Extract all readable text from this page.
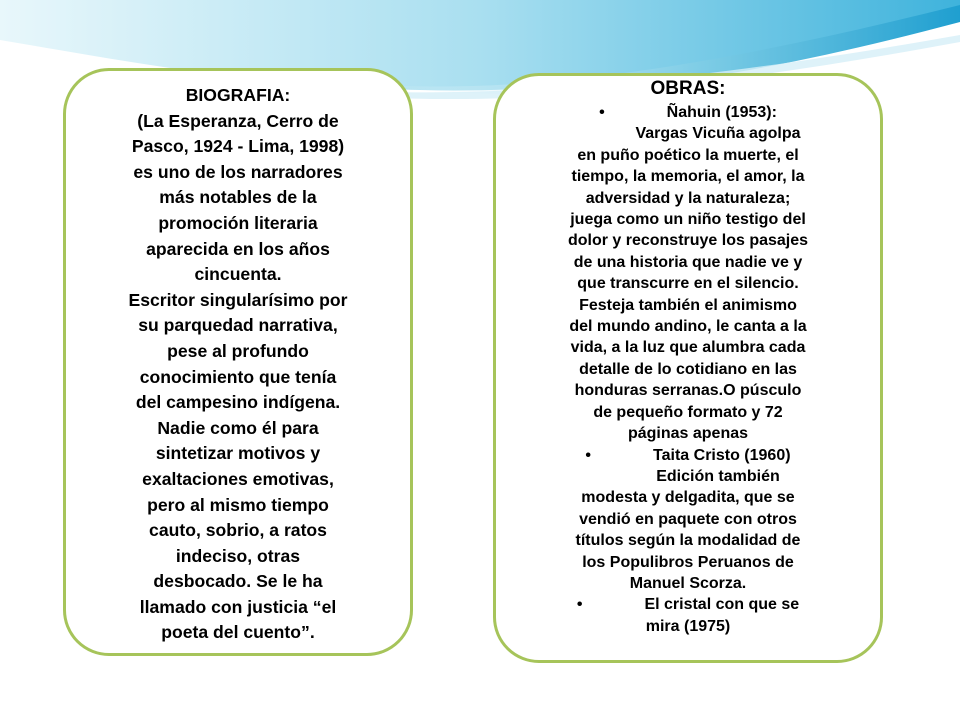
BIOGRAFIA:

(La Esperanza, Cerro de

Pasco, 1924 - Lima, 1998)

es uno de los narradores

más notables de la

promoción literaria

aparecida en los años

cincuenta.

Escritor singularísimo por

su parquedad narrativa,

pese al profundo

conocimiento que tenía

del campesino indígena.

Nadie como él para

sintetizar motivos y

exaltaciones emotivas,

pero al mismo tiempo

cauto, sobrio, a ratos

indeciso, otras

desbocado. Se le ha

llamado con justicia “el

poeta del cuento”.

OBRAS:

•	Ñahuin (1953):

Vargas Vicuña agolpa

en puño poético la muerte, el

tiempo, la memoria, el amor, la

adversidad y la naturaleza;

juega como un niño testigo del

dolor y reconstruye los pasajes

de una historia que nadie ve y

que transcurre en el silencio.

Festeja también el animismo

del mundo andino, le canta a la

vida, a la luz que alumbra cada

detalle de lo cotidiano en las

honduras serranas.O púsculo

de pequeño formato y 72

páginas apenas

•	Taita Cristo (1960)

Edición también

modesta y delgadita, que se

vendió en paquete con otros

títulos según la modalidad de

los Populibros Peruanos de

Manuel Scorza.

•	El cristal con que se

mira (1975)
